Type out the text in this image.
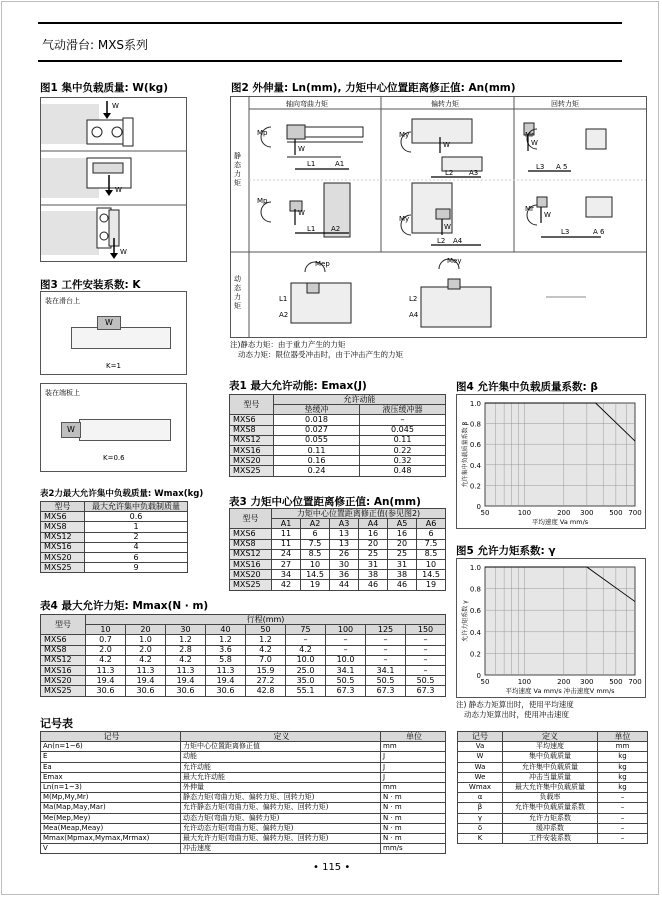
气动滑台: MXS系列
图1 集中负载质量: W(kg)
W
W
W
图2 外伸量: Ln(mm), 力矩中心位置距离修正值: An(mm)
轴向弯曲力矩	偏转力矩	回转力矩
静态力矩
动态力矩
Mp
Mp
My
My
Mr
Mr
W
W
W
W
W
W
L1	A1
L1 A2
L2 A3
L2 A4
L3 A 5
L3	A 6
Mep	Mey
L1
A2
L2
A4
注)静态力矩：由于重力产生的力矩
动态力矩：限位器受冲击时，由于冲击产生的力矩
图3 工件安装系数: K
装在滑台上
W
K=1
装在端板上
W
K=0.6
表2力最大允许集中负载质量: Wmax(kg)
型号	最大允许集中负载制质量
MXS6	0.6
MXS8	1
MXS12	2
MXS16	4
MXS20	6
MXS25	9
表1 最大允许动能: Emax(J)
型号	允许动能	
	垫缓冲	液压缓冲器
MXS6	0.018	–
MXS8	0.027	0.045
MXS12	0.055	0.11
MXS16	0.11	0.22
MXS20	0.16	0.32
MXS25	0.24	0.48
表3 力矩中心位置距离修正值: An(mm)
型号	力矩中心位置距离修正值(参见图2)					
	A1	A2	A3	A4	A5	A6
MXS6	11	6	13	16	16	6
MXS8	11	7.5	13	20	20	7.5
MXS12	24	8.5	26	25	25	8.5
MXS16	27	10	30	31	31	10
MXS20	34	14.5	36	38	38	14.5
MXS25	42	19	44	46	46	19
表4 最大允许力矩: Mmax(N · m)
型号	行程(mm)								
	10	20	30	40	50	75	100	125	150
MXS6	0.7	1.0	1.2	1.2	1.2	–	–	–	–
MXS8	2.0	2.0	2.8	3.6	4.2	4.2	–	–	–
MXS12	4.2	4.2	4.2	5.8	7.0	10.0	10.0	–	–
MXS16	11.3	11.3	11.3	11.3	15.9	25.0	34.1	34.1	–
MXS20	19.4	19.4	19.4	19.4	27.2	35.0	50.5	50.5	50.5
MXS25	30.6	30.6	30.6	30.6	42.8	55.1	67.3	67.3	67.3
图4 允许集中负载质量系数: β
1.0
0.8
0.6
0.4
0.2
0
50	100	200 300 500 700
平均速度 Va mm/s
允许集中负载质量系数 β
图5 允许力矩系数: γ
1.0
0.8
0.6
0.4
0.2
0
50	100	200 300 500 700
平均速度 Va mm/s 冲击速度V mm/s
允许力矩系数 γ
注) 静态力矩算出时，使用平均速度
动态力矩算出时，使用冲击速度
记号表
记号	定义	单位
An(n=1~6)	力矩中心位置距离修正值	mm
E	动能	J
Ea	允许动能	J
Emax	最大允许动能	J
Ln(n=1~3)	外伸量	mm
M(Mp,My,Mr)	静态力矩(弯曲力矩、偏转力矩、回转力矩)	N · m
Ma(Map,May,Mar)	允许静态力矩(弯曲力矩、偏转力矩、回转力矩)	N · m
Me(Mep,Mey)	动态力矩(弯曲力矩、偏转力矩)	N · m
Mea(Meap,Meay)	允许动态力矩(弯曲力矩、偏转力矩)	N · m
Mmax(Mpmax,Mymax,Mrmax)	最大允许力矩(弯曲力矩、偏转力矩、回转力矩)	N · m
V	冲击速度	mm/s
记号	定义	单位
Va	平均速度	mm
W	集中负载质量	kg
Wa	允许集中负载质量	kg
We	冲击当量质量	kg
Wmax	最大允许集中负载质量	kg
α	负载率	–
β	允许集中负载质量系数	–
γ	允许力矩系数	–
δ	缓冲系数	–
K	工件安装系数	–
• 115 •
